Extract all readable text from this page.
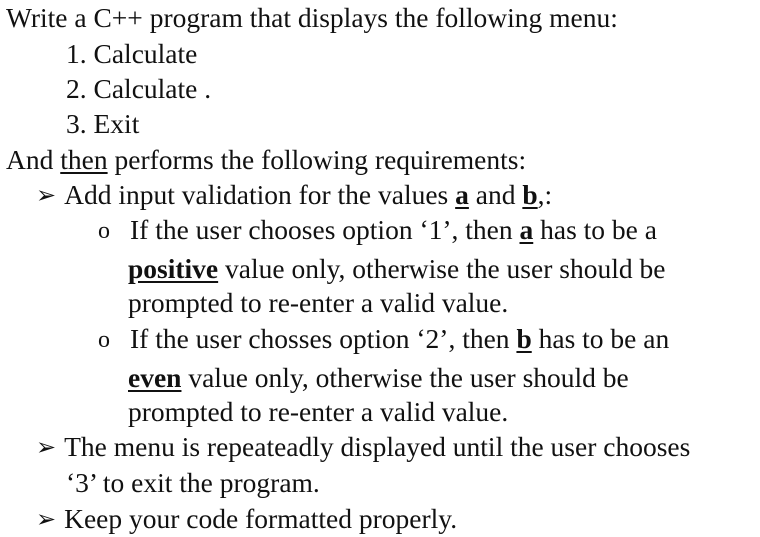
Write a C++ program that displays the following menu:
1. Calculate
2. Calculate .
3. Exit
And then performs the following requirements:
➢ Add input validation for the values a and b,:
o If the user chooses option ‘1’, then a has to be a
positive value only, otherwise the user should be
prompted to re-enter a valid value.
o If the user chosses option ‘2’, then b has to be an
even value only, otherwise the user should be
prompted to re-enter a valid value.
➢ The menu is repeateadly displayed until the user chooses
‘3’ to exit the program.
➢ Keep your code formatted properly.
